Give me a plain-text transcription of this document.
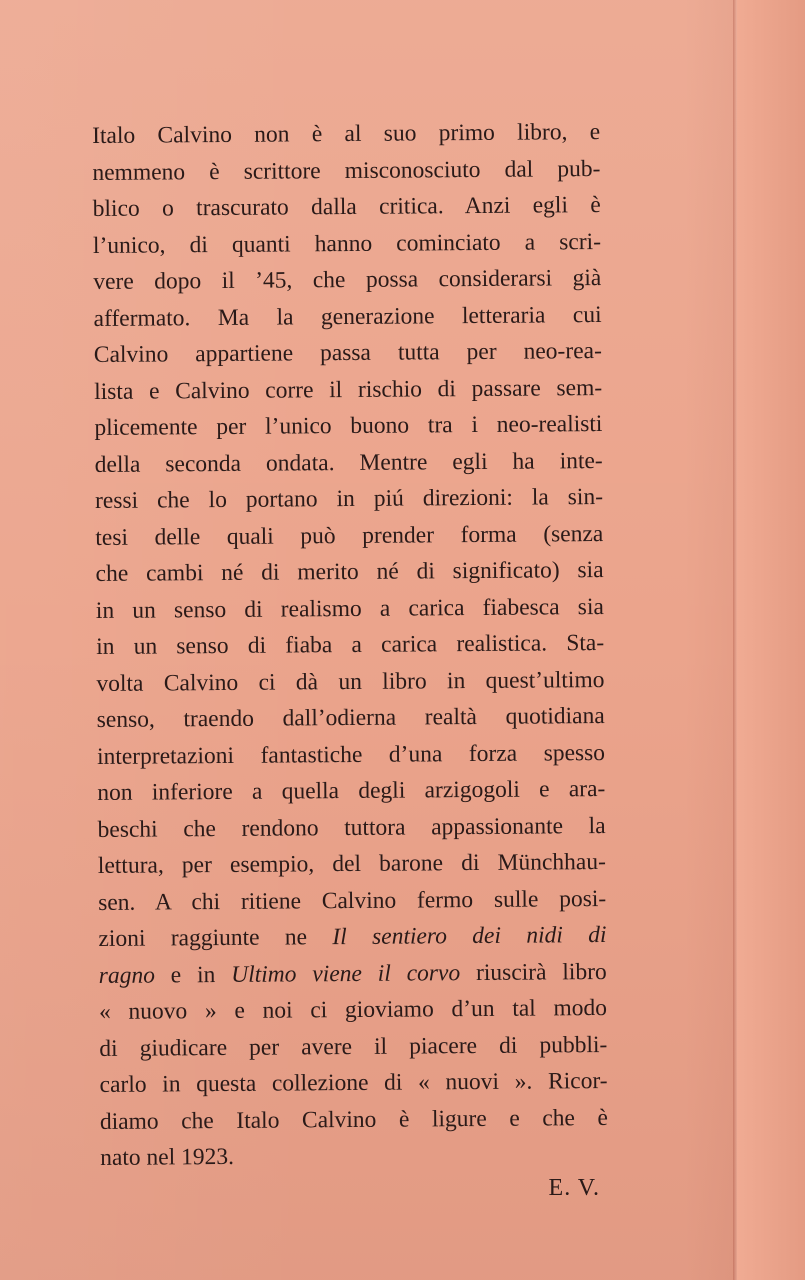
Italo Calvino non è al suo primo libro, e
nemmeno è scrittore misconosciuto dal pub-
blico o trascurato dalla critica. Anzi egli è
l’unico, di quanti hanno cominciato a scri-
vere dopo il ’45, che possa considerarsi già
affermato. Ma la generazione letteraria cui
Calvino appartiene passa tutta per neo-rea-
lista e Calvino corre il rischio di passare sem-
plicemente per l’unico buono tra i neo-realisti
della seconda ondata. Mentre egli ha inte-
ressi che lo portano in piú direzioni: la sin-
tesi delle quali può prender forma (senza
che cambi né di merito né di significato) sia
in un senso di realismo a carica fiabesca sia
in un senso di fiaba a carica realistica. Sta-
volta Calvino ci dà un libro in quest’ultimo
senso, traendo dall’odierna realtà quotidiana
interpretazioni fantastiche d’una forza spesso
non inferiore a quella degli arzigogoli e ara-
beschi che rendono tuttora appassionante la
lettura, per esempio, del barone di Münchhau-
sen. A chi ritiene Calvino fermo sulle posi-
zioni raggiunte ne Il sentiero dei nidi di
ragno e in Ultimo viene il corvo riuscirà libro
« nuovo » e noi ci gioviamo d’un tal modo
di giudicare per avere il piacere di pubbli-
carlo in questa collezione di « nuovi ». Ricor-
diamo che Italo Calvino è ligure e che è
nato nel 1923.
E. V.
